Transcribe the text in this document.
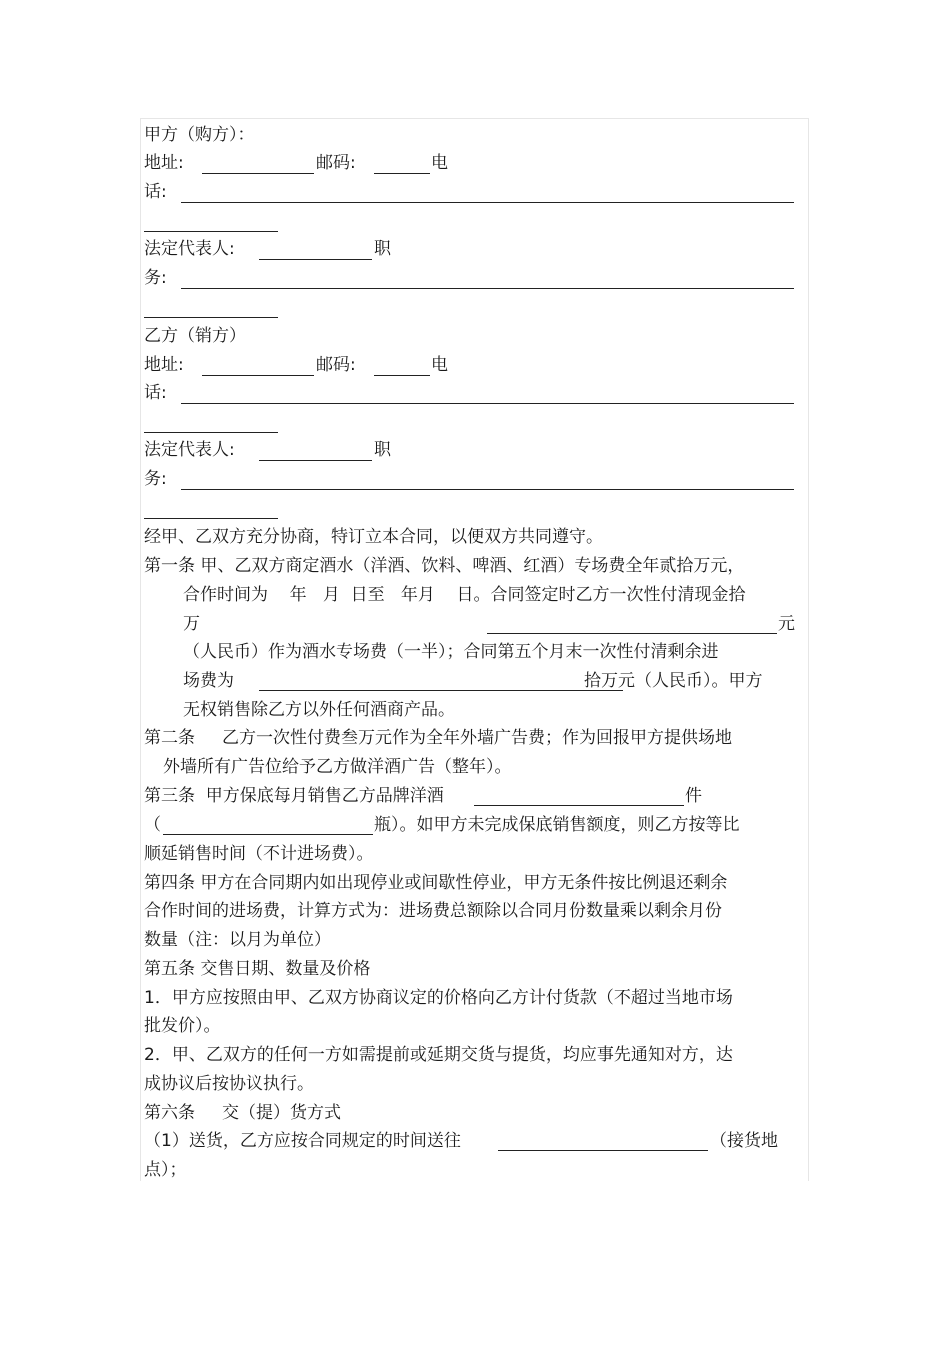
甲方（购方）：
地址:	邮码:	电
话:
法定代表人:	职
务:
乙方（销方）
地址:	邮码:	电
话:
法定代表人:	职
务:
经甲、乙双方充分协商，特订立本合同，以便双方共同遵守。
第一条 甲、乙双方商定酒水（洋酒、饮料、啤酒、红酒）专场费全年贰拾万元，
合作时间为    年   月  日至   年月    日。合同签定时乙方一次性付清现金拾
万	元
（人民币）作为酒水专场费（一半）；合同第五个月末一次性付清剩余进
场费为	拾万元（人民币）。甲方
无权销售除乙方以外任何酒商产品。
第二条     乙方一次性付费叁万元作为全年外墙广告费；作为回报甲方提供场地
外墙所有广告位给予乙方做洋酒广告（整年）。
第三条  甲方保底每月销售乙方品牌洋酒	件
（	瓶）。如甲方未完成保底销售额度，则乙方按等比
顺延销售时间（不计进场费）。
第四条 甲方在合同期内如出现停业或间歇性停业，甲方无条件按比例退还剩余
合作时间的进场费，计算方式为：进场费总额除以合同月份数量乘以剩余月份
数量（注：以月为单位）
第五条 交售日期、数量及价格
1．甲方应按照由甲、乙双方协商议定的价格向乙方计付货款（不超过当地市场
批发价）。
2．甲、乙双方的任何一方如需提前或延期交货与提货，均应事先通知对方，达
成协议后按协议执行。
第六条     交（提）货方式
（1）送货，乙方应按合同规定的时间送往	（接货地
点）；
